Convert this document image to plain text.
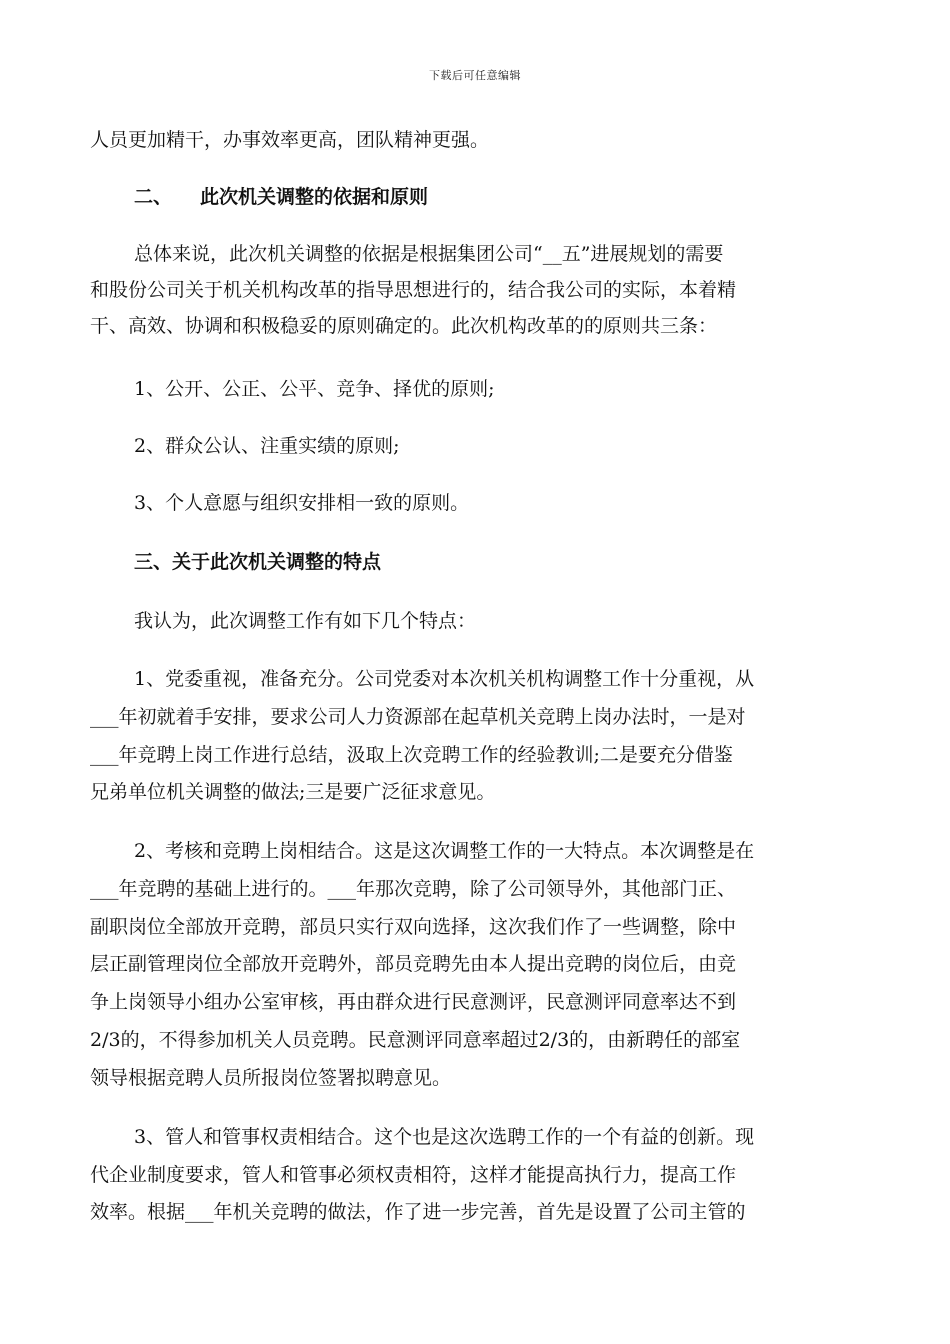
下载后可任意编辑
人员更加精干，办事效率更高，团队精神更强。
二、 此次机关调整的依据和原则
总体来说，此次机关调整的依据是根据集团公司“__五”进展规划的需要
和股份公司关于机关机构改革的指导思想进行的，结合我公司的实际，本着精
干、高效、协调和积极稳妥的原则确定的。此次机构改革的的原则共三条：
1、公开、公正、公平、竞争、择优的原则;
2、群众公认、注重实绩的原则;
3、个人意愿与组织安排相一致的原则。
三、关于此次机关调整的特点
我认为，此次调整工作有如下几个特点：
1、党委重视，准备充分。公司党委对本次机关机构调整工作十分重视，从
___年初就着手安排，要求公司人力资源部在起草机关竞聘上岗办法时，一是对
___年竞聘上岗工作进行总结，汲取上次竞聘工作的经验教训;二是要充分借鉴
兄弟单位机关调整的做法;三是要广泛征求意见。
2、考核和竞聘上岗相结合。这是这次调整工作的一大特点。本次调整是在
___年竞聘的基础上进行的。___年那次竞聘，除了公司领导外，其他部门正、
副职岗位全部放开竞聘，部员只实行双向选择，这次我们作了一些调整，除中
层正副管理岗位全部放开竞聘外，部员竞聘先由本人提出竞聘的岗位后，由竞
争上岗领导小组办公室审核，再由群众进行民意测评，民意测评同意率达不到
2/3的，不得参加机关人员竞聘。民意测评同意率超过2/3的，由新聘任的部室
领导根据竞聘人员所报岗位签署拟聘意见。
3、管人和管事权责相结合。这个也是这次选聘工作的一个有益的创新。现
代企业制度要求，管人和管事必须权责相符，这样才能提高执行力，提高工作
效率。根据___年机关竞聘的做法，作了进一步完善，首先是设置了公司主管的
